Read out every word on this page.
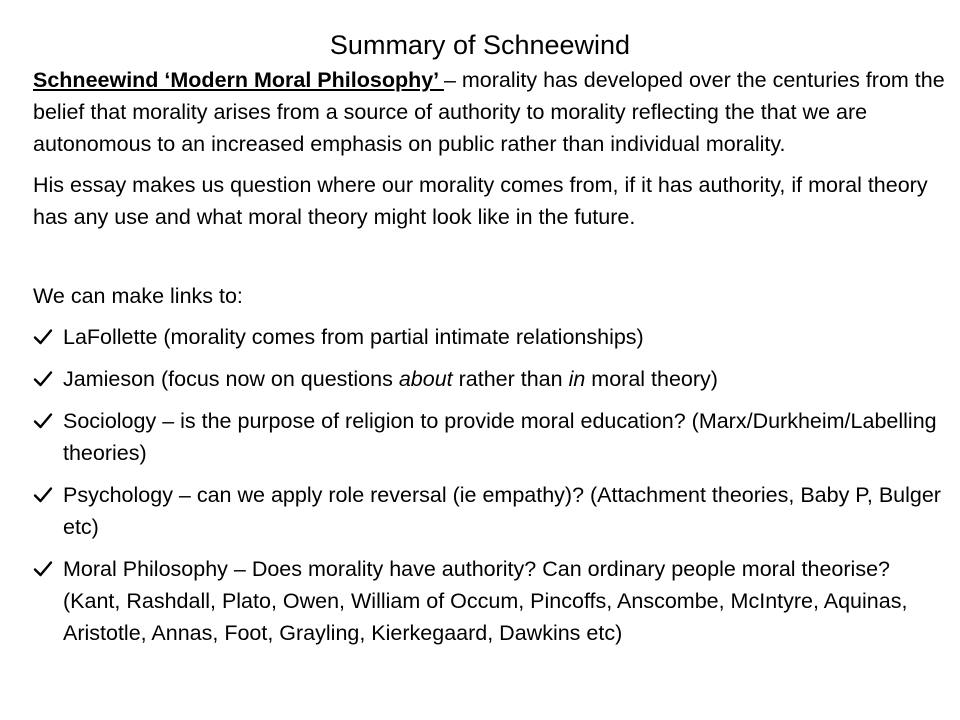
Summary of Schneewind

Schneewind ‘Modern Moral Philosophy’ – morality has developed over the centuries from the belief that morality arises from a source of authority to morality reflecting the that we are autonomous to an increased emphasis on public rather than individual morality.

His essay makes us question where our morality comes from, if it has authority, if moral theory has any use and what moral theory might look like in the future.

We can make links to:

LaFollette (morality comes from partial intimate relationships)
Jamieson (focus now on questions about rather than in moral theory)
Sociology – is the purpose of religion to provide moral education? (Marx/Durkheim/Labelling theories)
Psychology – can we apply role reversal (ie empathy)? (Attachment theories, Baby P, Bulger etc)
Moral Philosophy – Does morality have authority? Can ordinary people moral theorise? (Kant, Rashdall, Plato, Owen, William of Occum, Pincoffs, Anscombe, McIntyre, Aquinas, Aristotle, Annas, Foot, Grayling, Kierkegaard, Dawkins etc)
